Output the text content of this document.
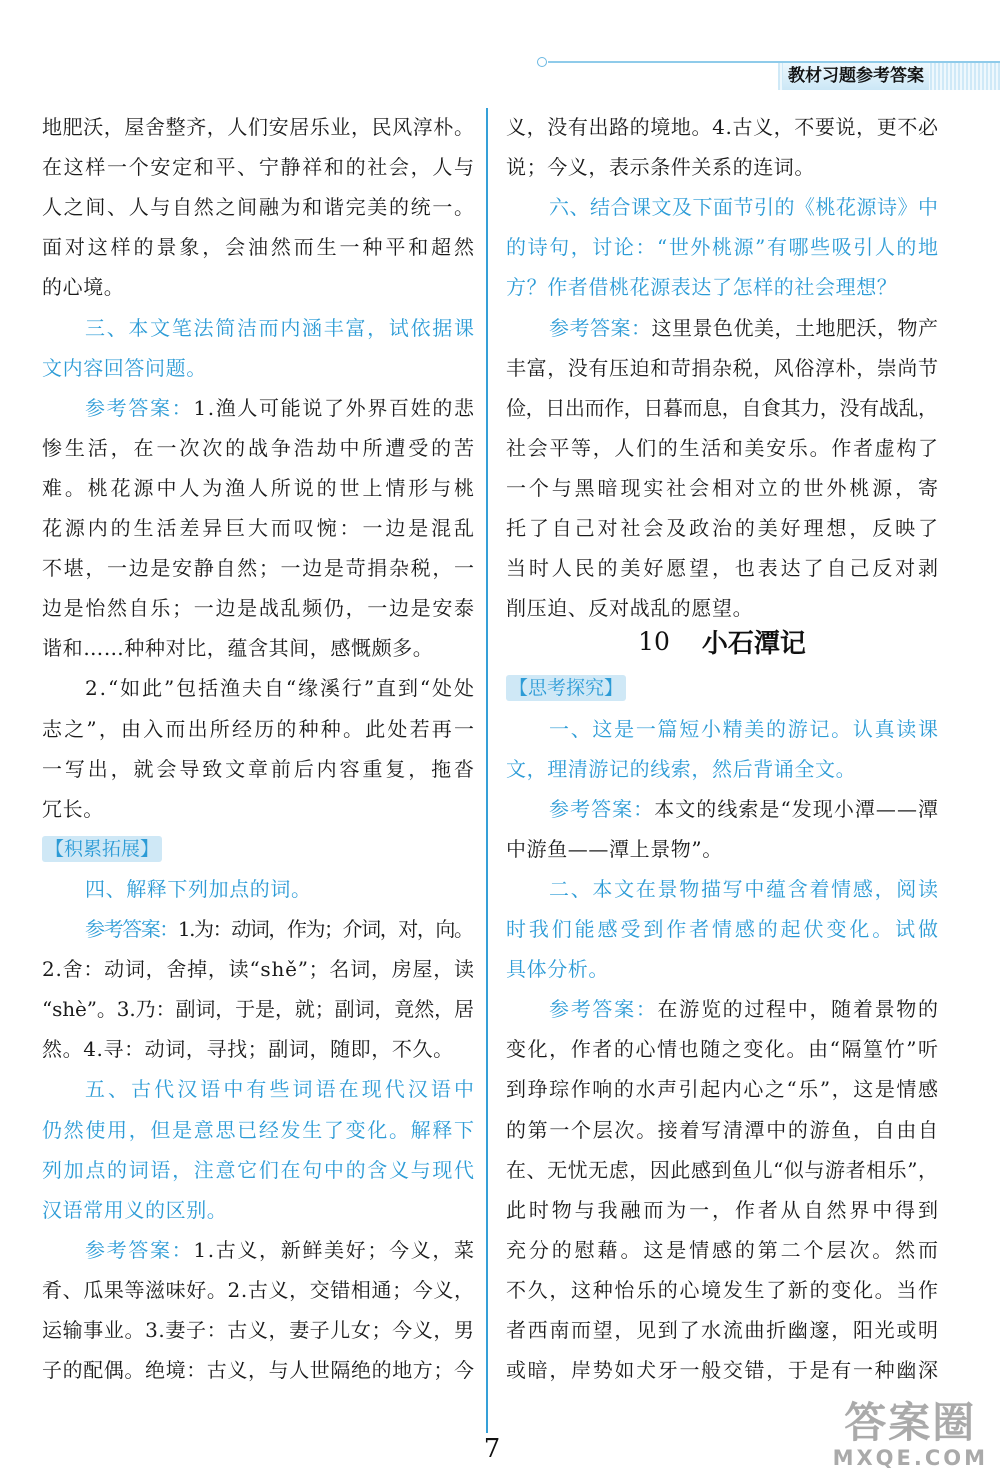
教材习题参考答案
地肥沃，屋舍整齐，人们安居乐业，民风淳朴。
在这样一个安定和平、宁静祥和的社会，人与
人之间、人与自然之间融为和谐完美的统一。
面对这样的景象，会油然而生一种平和超然
的心境。
三、本文笔法简洁而内涵丰富，试依据课
文内容回答问题。
参考答案：1.渔人可能说了外界百姓的悲
惨生活，在一次次的战争浩劫中所遭受的苦
难。桃花源中人为渔人所说的世上情形与桃
花源内的生活差异巨大而叹惋：一边是混乱
不堪，一边是安静自然；一边是苛捐杂税，一
边是怡然自乐；一边是战乱频仍，一边是安泰
谐和……种种对比，蕴含其间，感慨颇多。
2.“如此”包括渔夫自“缘溪行”直到“处处
志之”，由入而出所经历的种种。此处若再一
一写出，就会导致文章前后内容重复，拖沓
冗长。
【积累拓展】
四、解释下列加点的词。
参考答案：1.为：动词，作为；介词，对，向。
2.舍：动词，舍掉，读“shě”；名词，房屋，读
“shè”。3.乃：副词，于是，就；副词，竟然，居
然。4.寻：动词，寻找；副词，随即，不久。
五、古代汉语中有些词语在现代汉语中
仍然使用，但是意思已经发生了变化。解释下
列加点的词语，注意它们在句中的含义与现代
汉语常用义的区别。
参考答案：1.古义，新鲜美好；今义，菜
肴、瓜果等滋味好。2.古义，交错相通；今义，
运输事业。3.妻子：古义，妻子儿女；今义，男
子的配偶。绝境：古义，与人世隔绝的地方；今
义，没有出路的境地。4.古义，不要说，更不必
说；今义，表示条件关系的连词。
六、结合课文及下面节引的《桃花源诗》中
的诗句，讨论：“世外桃源”有哪些吸引人的地
方？作者借桃花源表达了怎样的社会理想？
参考答案：这里景色优美，土地肥沃，物产
丰富，没有压迫和苛捐杂税，风俗淳朴，崇尚节
俭，日出而作，日暮而息，自食其力，没有战乱，
社会平等，人们的生活和美安乐。作者虚构了
一个与黑暗现实社会相对立的世外桃源，寄
托了自己对社会及政治的美好理想，反映了
当时人民的美好愿望，也表达了自己反对剥
削压迫、反对战乱的愿望。
10 小石潭记
【思考探究】
一、这是一篇短小精美的游记。认真读课
文，理清游记的线索，然后背诵全文。
参考答案：本文的线索是“发现小潭——潭
中游鱼——潭上景物”。
二、本文在景物描写中蕴含着情感，阅读
时我们能感受到作者情感的起伏变化。试做
具体分析。
参考答案：在游览的过程中，随着景物的
变化，作者的心情也随之变化。由“隔篁竹”听
到琤琮作响的水声引起内心之“乐”，这是情感
的第一个层次。接着写清潭中的游鱼，自由自
在、无忧无虑，因此感到鱼儿“似与游者相乐”，
此时物与我融而为一，作者从自然界中得到
充分的慰藉。这是情感的第二个层次。然而
不久，这种怡乐的心境发生了新的变化。当作
者西南而望，见到了水流曲折幽邃，阳光或明
或暗，岸势如犬牙一般交错，于是有一种幽深
7
答案圈
MXQE.COM
